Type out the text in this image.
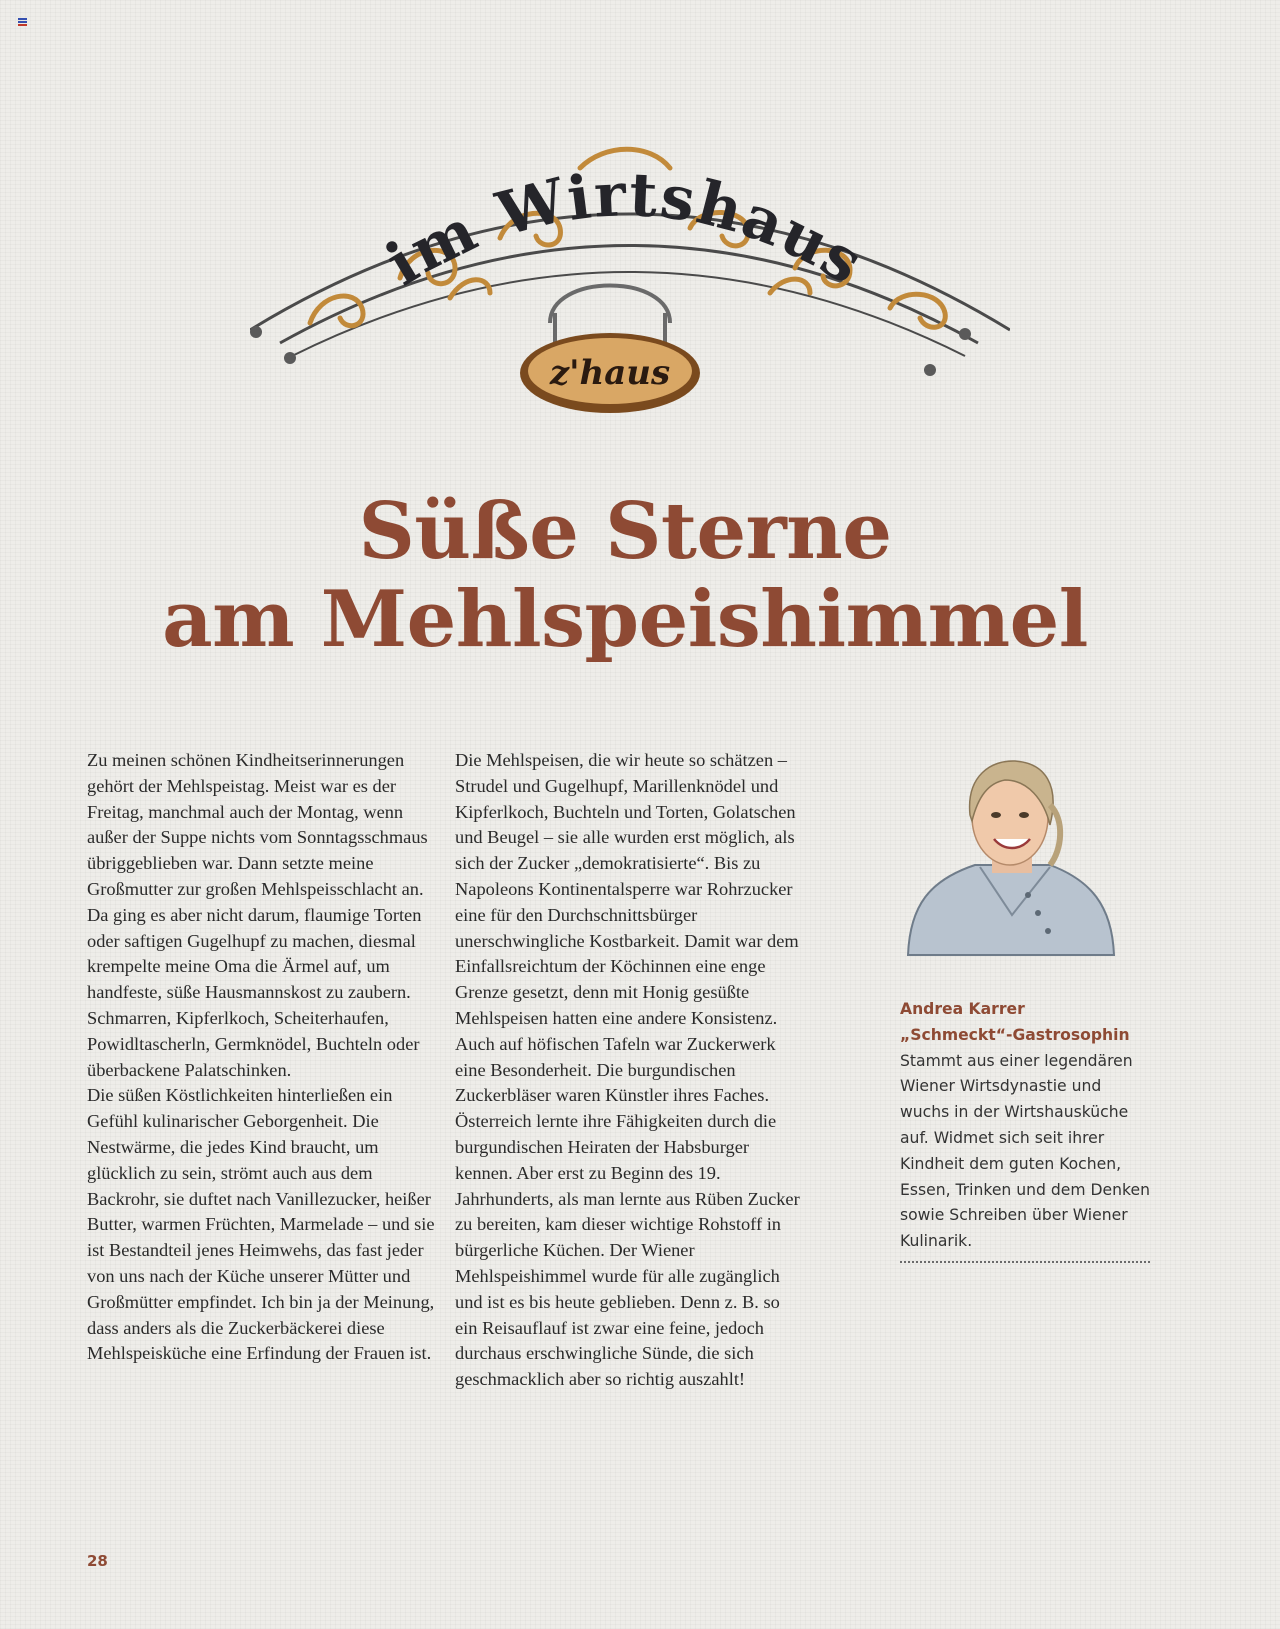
im Wirtshaus
z'haus
Süße Sterne
am Mehlspeishimmel

Zu meinen schönen Kindheitserinnerungen gehört der Mehlspeistag. Meist war es der Freitag, manchmal auch der Montag, wenn außer der Suppe nichts vom Sonntagsschmaus übriggeblieben war. Dann setzte meine Großmutter zur großen Mehlspeisschlacht an. Da ging es aber nicht darum, flaumige Torten oder saftigen Gugelhupf zu machen, diesmal krempelte meine Oma die Ärmel auf, um handfeste, süße Hausmannskost zu zaubern. Schmarren, Kipferlkoch, Scheiterhaufen, Powidltascherln, Germknödel, Buchteln oder überbackene Palatschinken.

Die süßen Köstlichkeiten hinterließen ein Gefühl kulinarischer Geborgenheit. Die Nestwärme, die jedes Kind braucht, um glücklich zu sein, strömt auch aus dem Backrohr, sie duftet nach Vanillezucker, heißer Butter, warmen Früchten, Marmelade – und sie ist Bestandteil jenes Heimwehs, das fast jeder von uns nach der Küche unserer Mütter und Großmütter empfindet. Ich bin ja der Meinung, dass anders als die Zuckerbäckerei diese Mehlspeisküche eine Erfindung der Frauen ist.

Die Mehlspeisen, die wir heute so schätzen – Strudel und Gugelhupf, Marillenknödel und Kipferlkoch, Buchteln und Torten, Golatschen und Beugel – sie alle wurden erst möglich, als sich der Zucker „demokratisierte“. Bis zu Napoleons Kontinentalsperre war Rohrzucker eine für den Durchschnittsbürger unerschwingliche Kostbarkeit. Damit war dem Einfallsreichtum der Köchinnen eine enge Grenze gesetzt, denn mit Honig gesüßte Mehlspeisen hatten eine andere Konsistenz. Auch auf höfischen Tafeln war Zuckerwerk eine Besonderheit. Die burgundischen Zuckerbläser waren Künstler ihres Faches. Österreich lernte ihre Fähigkeiten durch die burgundischen Heiraten der Habsburger kennen. Aber erst zu Beginn des 19. Jahrhunderts, als man lernte aus Rüben Zucker zu bereiten, kam dieser wichtige Rohstoff in bürgerliche Küchen. Der Wiener Mehlspeishimmel wurde für alle zugänglich und ist es bis heute geblieben. Denn z. B. so ein Reisauflauf ist zwar eine feine, jedoch durchaus erschwingliche Sünde, die sich geschmacklich aber so richtig auszahlt!

Andrea Karrer
„Schmeckt“-Gastrosophin

Stammt aus einer legendären Wiener Wirtsdynastie und wuchs in der Wirtshausküche auf. Widmet sich seit ihrer Kindheit dem guten Kochen, Essen, Trinken und dem Denken sowie Schreiben über Wiener Kulinarik.

28
